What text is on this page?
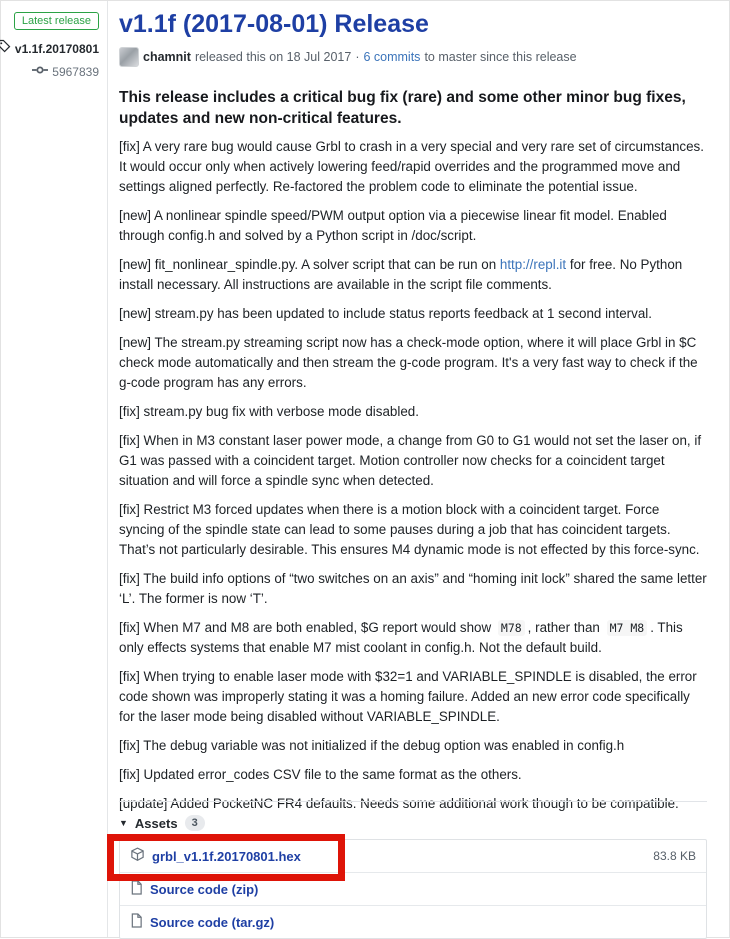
Latest release
v1.1f.20170801
5967839
v1.1f (2017-08-01) Release
chamnit released this on 18 Jul 2017 · 6 commits to master since this release

This release includes a critical bug fix (rare) and some other minor bug fixes, updates and new non-critical features.

[fix] A very rare bug would cause Grbl to crash in a very special and very rare set of circumstances. It would occur only when actively lowering feed/rapid overrides and the programmed move and settings aligned perfectly. Re-factored the problem code to eliminate the potential issue.

[new] A nonlinear spindle speed/PWM output option via a piecewise linear fit model. Enabled through config.h and solved by a Python script in /doc/script.

[new] fit_nonlinear_spindle.py. A solver script that can be run on http://repl.it for free. No Python install necessary. All instructions are available in the script file comments.

[new] stream.py has been updated to include status reports feedback at 1 second interval.

[new] The stream.py streaming script now has a check-mode option, where it will place Grbl in $C check mode automatically and then stream the g-code program. It's a very fast way to check if the g-code program has any errors.

[fix] stream.py bug fix with verbose mode disabled.

[fix] When in M3 constant laser power mode, a change from G0 to G1 would not set the laser on, if G1 was passed with a coincident target. Motion controller now checks for a coincident target situation and will force a spindle sync when detected.

[fix] Restrict M3 forced updates when there is a motion block with a coincident target. Force syncing of the spindle state can lead to some pauses during a job that has coincident targets. That’s not particularly desirable. This ensures M4 dynamic mode is not effected by this force-sync.

[fix] The build info options of “two switches on an axis” and “homing init lock” shared the same letter ‘L’. The former is now ‘T’.

[fix] When M7 and M8 are both enabled, $G report would show M78 , rather than M7 M8 . This only effects systems that enable M7 mist coolant in config.h. Not the default build.

[fix] When trying to enable laser mode with $32=1 and VARIABLE_SPINDLE is disabled, the error code shown was improperly stating it was a homing failure. Added an new error code specifically for the laser mode being disabled without VARIABLE_SPINDLE.

[fix] The debug variable was not initialized if the debug option was enabled in config.h

[fix] Updated error_codes CSV file to the same format as the others.

[update] Added PocketNC FR4 defaults. Needs some additional work though to be compatible.

▼ Assets	3
grbl_v1.1f.20170801.hex	83.8 KB
Source code (zip)
Source code (tar.gz)
